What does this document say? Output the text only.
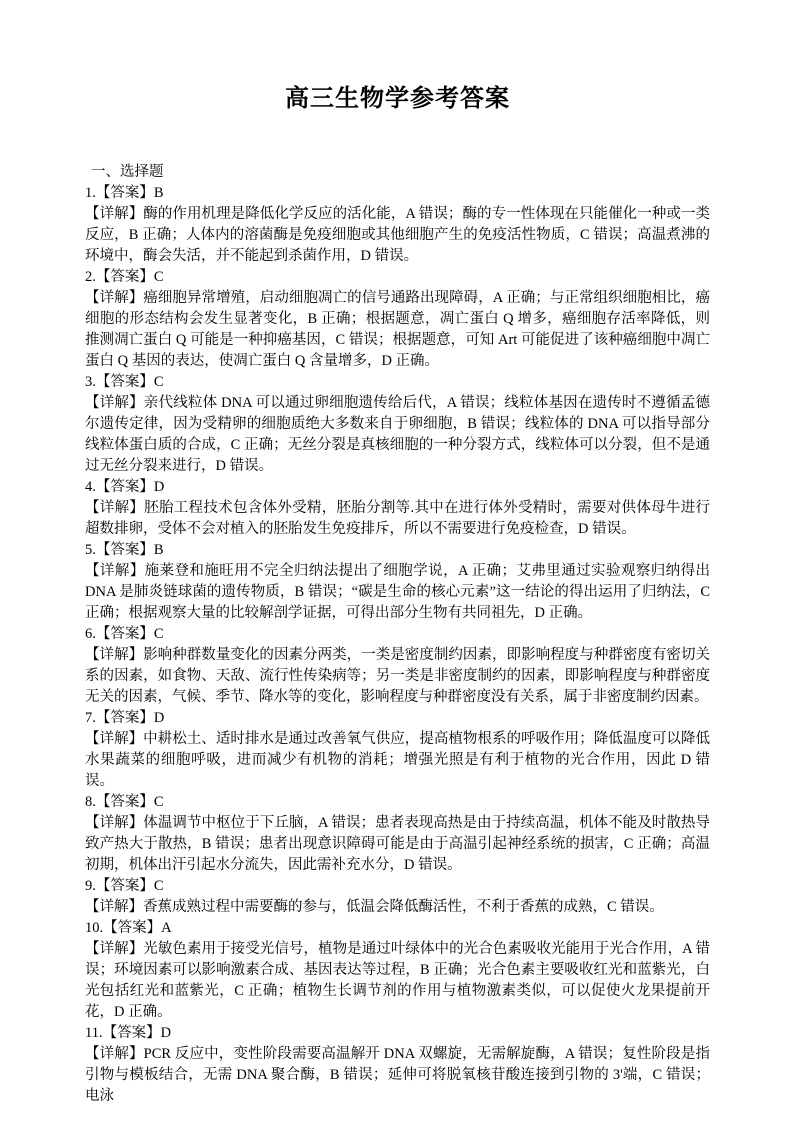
高三生物学参考答案

一、选择题

1.【答案】B

【详解】酶的作用机理是降低化学反应的活化能，A 错误；酶的专一性体现在只能催化一种或一类反应，B 正确；人体内的溶菌酶是免疫细胞或其他细胞产生的免疫活性物质，C 错误；高温煮沸的环境中，酶会失活，并不能起到杀菌作用，D 错误。

2.【答案】C

【详解】癌细胞异常增殖，启动细胞凋亡的信号通路出现障碍，A 正确；与正常组织细胞相比，癌细胞的形态结构会发生显著变化，B 正确；根据题意，凋亡蛋白 Q 增多，癌细胞存活率降低，则推测凋亡蛋白 Q 可能是一种抑癌基因，C 错误；根据题意，可知 Art 可能促进了该种癌细胞中凋亡蛋白 Q 基因的表达，使凋亡蛋白 Q 含量增多，D 正确。

3.【答案】C

【详解】亲代线粒体 DNA 可以通过卵细胞遗传给后代，A 错误；线粒体基因在遗传时不遵循孟德尔遗传定律，因为受精卵的细胞质绝大多数来自于卵细胞，B 错误；线粒体的 DNA 可以指导部分线粒体蛋白质的合成，C 正确；无丝分裂是真核细胞的一种分裂方式，线粒体可以分裂，但不是通过无丝分裂来进行，D 错误。

4.【答案】D

【详解】胚胎工程技术包含体外受精，胚胎分割等.其中在进行体外受精时，需要对供体母牛进行超数排卵，受体不会对植入的胚胎发生免疫排斥，所以不需要进行免疫检查，D 错误。

5.【答案】B

【详解】施莱登和施旺用不完全归纳法提出了细胞学说，A 正确；艾弗里通过实验观察归纳得出 DNA 是肺炎链球菌的遗传物质，B 错误；“碳是生命的核心元素”这一结论的得出运用了归纳法，C 正确；根据观察大量的比较解剖学证据，可得出部分生物有共同祖先，D 正确。

6.【答案】C

【详解】影响种群数量变化的因素分两类，一类是密度制约因素，即影响程度与种群密度有密切关系的因素，如食物、天敌、流行性传染病等；另一类是非密度制约的因素，即影响程度与种群密度无关的因素，气候、季节、降水等的变化，影响程度与种群密度没有关系，属于非密度制约因素。

7.【答案】D

【详解】中耕松土、适时排水是通过改善氧气供应，提高植物根系的呼吸作用；降低温度可以降低水果蔬菜的细胞呼吸，进而减少有机物的消耗；增强光照是有利于植物的光合作用，因此 D 错误。

8.【答案】C

【详解】体温调节中枢位于下丘脑，A 错误；患者表现高热是由于持续高温，机体不能及时散热导致产热大于散热，B 错误；患者出现意识障碍可能是由于高温引起神经系统的损害，C 正确；高温初期，机体出汗引起水分流失，因此需补充水分，D 错误。

9.【答案】C

【详解】香蕉成熟过程中需要酶的参与，低温会降低酶活性，不利于香蕉的成熟，C 错误。

10.【答案】A

【详解】光敏色素用于接受光信号，植物是通过叶绿体中的光合色素吸收光能用于光合作用，A 错误；环境因素可以影响激素合成、基因表达等过程，B 正确；光合色素主要吸收红光和蓝紫光，白光包括红光和蓝紫光，C 正确；植物生长调节剂的作用与植物激素类似，可以促使火龙果提前开花，D 正确。

11.【答案】D

【详解】PCR 反应中，变性阶段需要高温解开 DNA 双螺旋，无需解旋酶，A 错误；复性阶段是指引物与模板结合，无需 DNA 聚合酶，B 错误；延伸可将脱氧核苷酸连接到引物的 3'端，C 错误；电泳
